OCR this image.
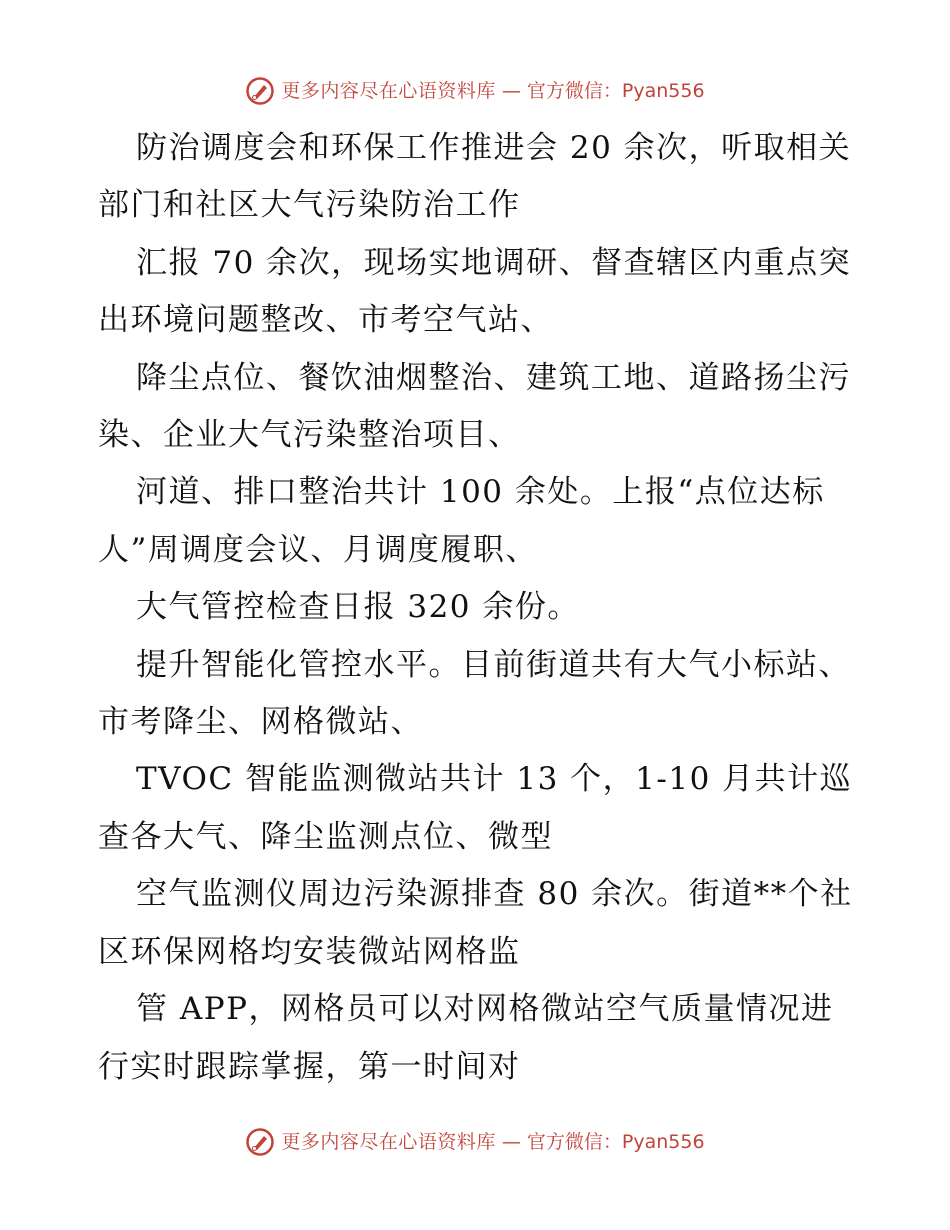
更多内容尽在心语资料库 — 官方微信：Pyan556

防治调度会和环保工作推进会 20 余次，听取相关部门和社区大气污染防治工作

汇报 70 余次，现场实地调研、督查辖区内重点突出环境问题整改、市考空气站、

降尘点位、餐饮油烟整治、建筑工地、道路扬尘污染、企业大气污染整治项目、

河道、排口整治共计 100 余处。上报“点位达标人”周调度会议、月调度履职、

大气管控检查日报 320 余份。

提升智能化管控水平。目前街道共有大气小标站、市考降尘、网格微站、

TVOC 智能监测微站共计 13 个，1-10 月共计巡查各大气、降尘监测点位、微型

空气监测仪周边污染源排查 80 余次。街道**个社区环保网格均安装微站网格监

管 APP，网格员可以对网格微站空气质量情况进行实时跟踪掌握，第一时间对

更多内容尽在心语资料库 — 官方微信：Pyan556
